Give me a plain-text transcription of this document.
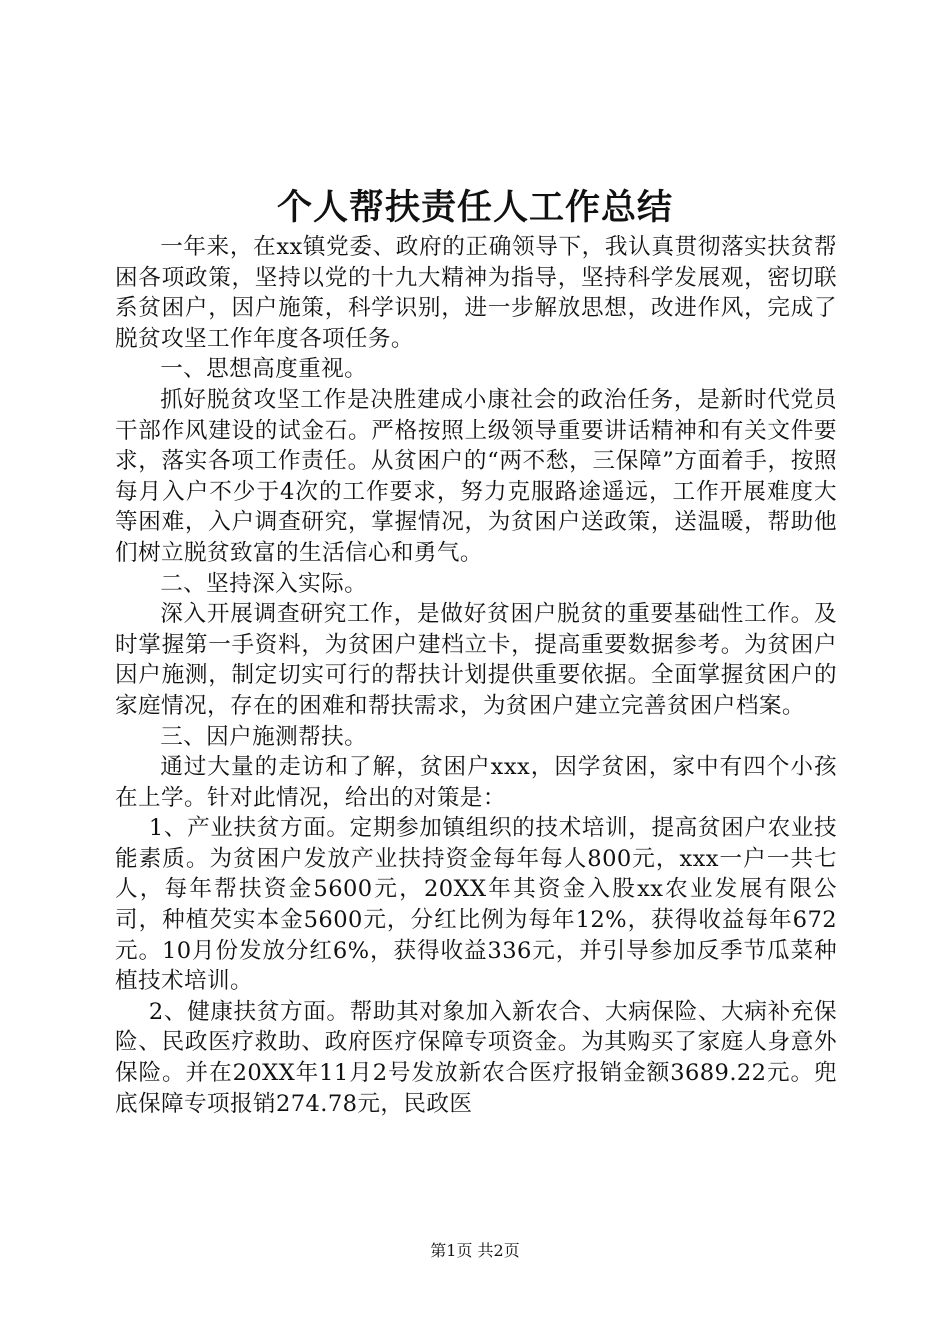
个人帮扶责任人工作总结

一年来，在xx镇党委、政府的正确领导下，我认真贯彻落实扶贫帮困各项政策，坚持以党的十九大精神为指导，坚持科学发展观，密切联系贫困户，因户施策，科学识别，进一步解放思想，改进作风，完成了脱贫攻坚工作年度各项任务。

一、思想高度重视。

抓好脱贫攻坚工作是决胜建成小康社会的政治任务，是新时代党员干部作风建设的试金石。严格按照上级领导重要讲话精神和有关文件要求，落实各项工作责任。从贫困户的“两不愁，三保障”方面着手，按照每月入户不少于4次的工作要求，努力克服路途遥远，工作开展难度大等困难，入户调查研究，掌握情况，为贫困户送政策，送温暖，帮助他们树立脱贫致富的生活信心和勇气。

二、坚持深入实际。

深入开展调查研究工作，是做好贫困户脱贫的重要基础性工作。及时掌握第一手资料，为贫困户建档立卡，提高重要数据参考。为贫困户因户施测，制定切实可行的帮扶计划提供重要依据。全面掌握贫困户的家庭情况，存在的困难和帮扶需求，为贫困户建立完善贫困户档案。

三、因户施测帮扶。

通过大量的走访和了解，贫困户xxx，因学贫困，家中有四个小孩在上学。针对此情况，给出的对策是：

1、产业扶贫方面。定期参加镇组织的技术培训，提高贫困户农业技能素质。为贫困户发放产业扶持资金每年每人800元，xxx一户一共七人，每年帮扶资金5600元，20XX年其资金入股xx农业发展有限公司，种植芡实本金5600元，分红比例为每年12%，获得收益每年672元。10月份发放分红6%，获得收益336元，并引导参加反季节瓜菜种植技术培训。

2、健康扶贫方面。帮助其对象加入新农合、大病保险、大病补充保险、民政医疗救助、政府医疗保障专项资金。为其购买了家庭人身意外保险。并在20XX年11月2号发放新农合医疗报销金额3689.22元。兜底保障专项报销274.78元，民政医

第1页 共2页
